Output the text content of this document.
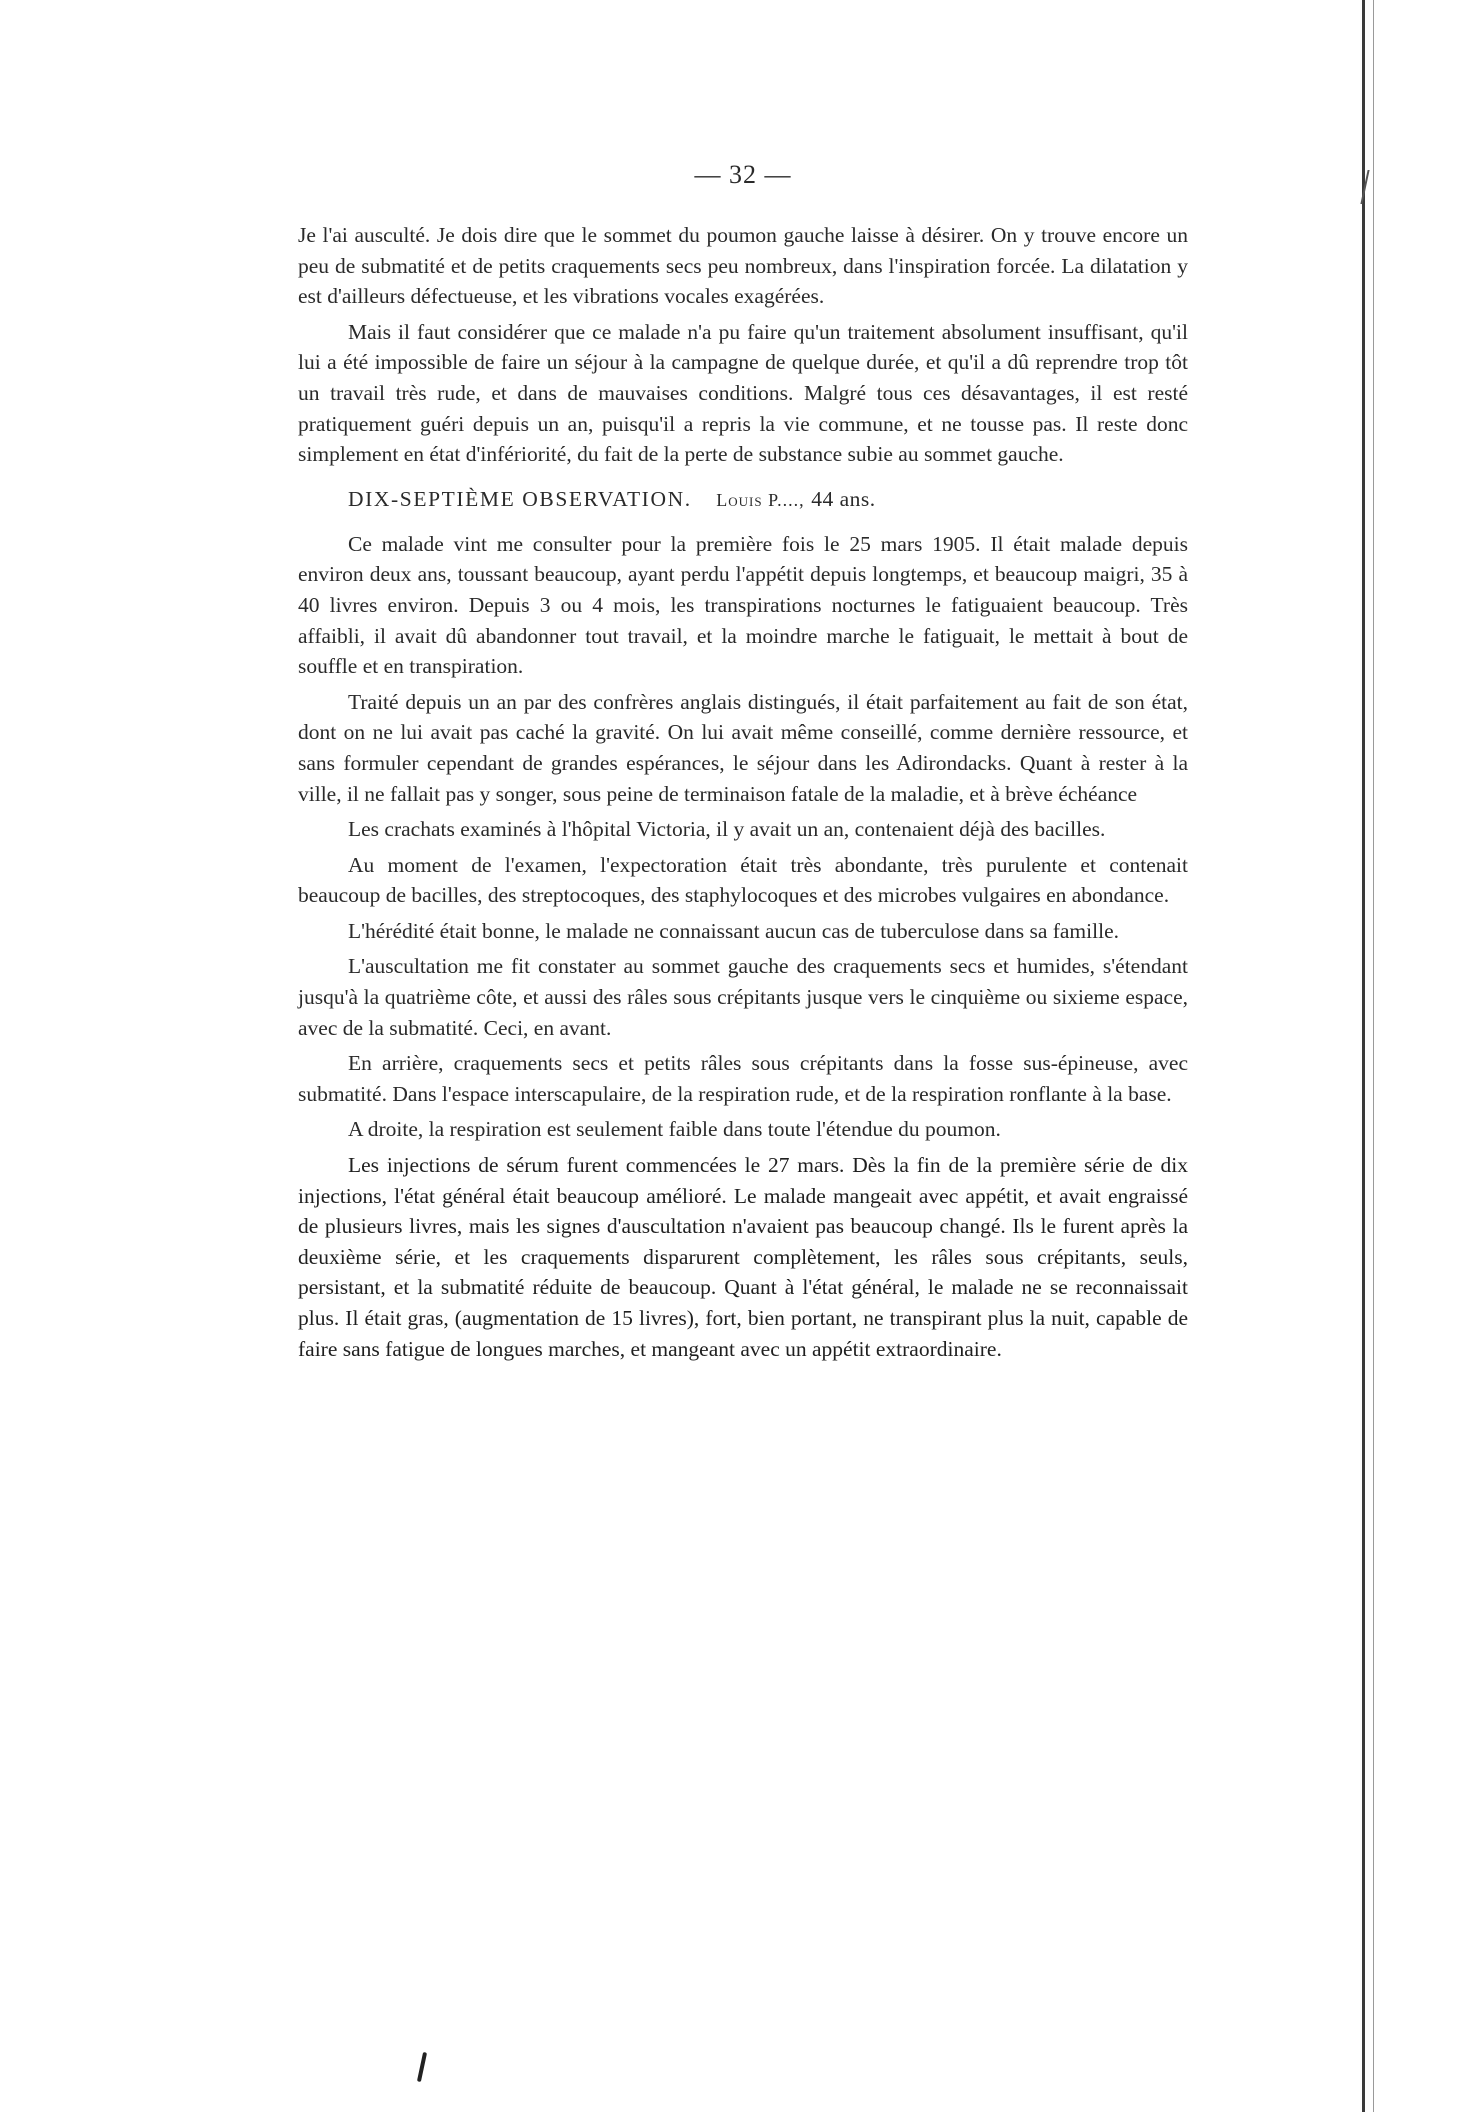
— 32 —

Je l'ai ausculté. Je dois dire que le sommet du poumon gauche laisse à désirer. On y trouve encore un peu de submatité et de petits craquements secs peu nombreux, dans l'inspiration forcée. La dilatation y est d'ailleurs défectueuse, et les vibrations vocales exagérées.

Mais il faut considérer que ce malade n'a pu faire qu'un traitement absolument insuffisant, qu'il lui a été impossible de faire un séjour à la campagne de quelque durée, et qu'il a dû reprendre trop tôt un travail très rude, et dans de mauvaises conditions. Malgré tous ces désavantages, il est resté pratiquement guéri depuis un an, puisqu'il a repris la vie commune, et ne tousse pas. Il reste donc simplement en état d'infériorité, du fait de la perte de substance subie au sommet gauche.

DIX-SEPTIÈME OBSERVATION. Louis P...., 44 ans.

Ce malade vint me consulter pour la première fois le 25 mars 1905. Il était malade depuis environ deux ans, toussant beaucoup, ayant perdu l'appétit depuis longtemps, et beaucoup maigri, 35 à 40 livres environ. Depuis 3 ou 4 mois, les transpirations nocturnes le fatiguaient beaucoup. Très affaibli, il avait dû abandonner tout travail, et la moindre marche le fatiguait, le mettait à bout de souffle et en transpiration.

Traité depuis un an par des confrères anglais distingués, il était parfaitement au fait de son état, dont on ne lui avait pas caché la gravité. On lui avait même conseillé, comme dernière ressource, et sans formuler cependant de grandes espérances, le séjour dans les Adirondacks. Quant à rester à la ville, il ne fallait pas y songer, sous peine de terminaison fatale de la maladie, et à brève échéance

Les crachats examinés à l'hôpital Victoria, il y avait un an, contenaient déjà des bacilles.

Au moment de l'examen, l'expectoration était très abondante, très purulente et contenait beaucoup de bacilles, des streptocoques, des staphylocoques et des microbes vulgaires en abondance.

L'hérédité était bonne, le malade ne connaissant aucun cas de tuberculose dans sa famille.

L'auscultation me fit constater au sommet gauche des craquements secs et humides, s'étendant jusqu'à la quatrième côte, et aussi des râles sous crépitants jusque vers le cinquième ou sixieme espace, avec de la submatité. Ceci, en avant.

En arrière, craquements secs et petits râles sous crépitants dans la fosse sus-épineuse, avec submatité. Dans l'espace interscapulaire, de la respiration rude, et de la respiration ronflante à la base.

A droite, la respiration est seulement faible dans toute l'étendue du poumon.

Les injections de sérum furent commencées le 27 mars. Dès la fin de la première série de dix injections, l'état général était beaucoup amélioré. Le malade mangeait avec appétit, et avait engraissé de plusieurs livres, mais les signes d'auscultation n'avaient pas beaucoup changé. Ils le furent après la deuxième série, et les craquements disparurent complètement, les râles sous crépitants, seuls, persistant, et la submatité réduite de beaucoup. Quant à l'état général, le malade ne se reconnaissait plus. Il était gras, (augmentation de 15 livres), fort, bien portant, ne transpirant plus la nuit, capable de faire sans fatigue de longues marches, et mangeant avec un appétit extraordinaire.
